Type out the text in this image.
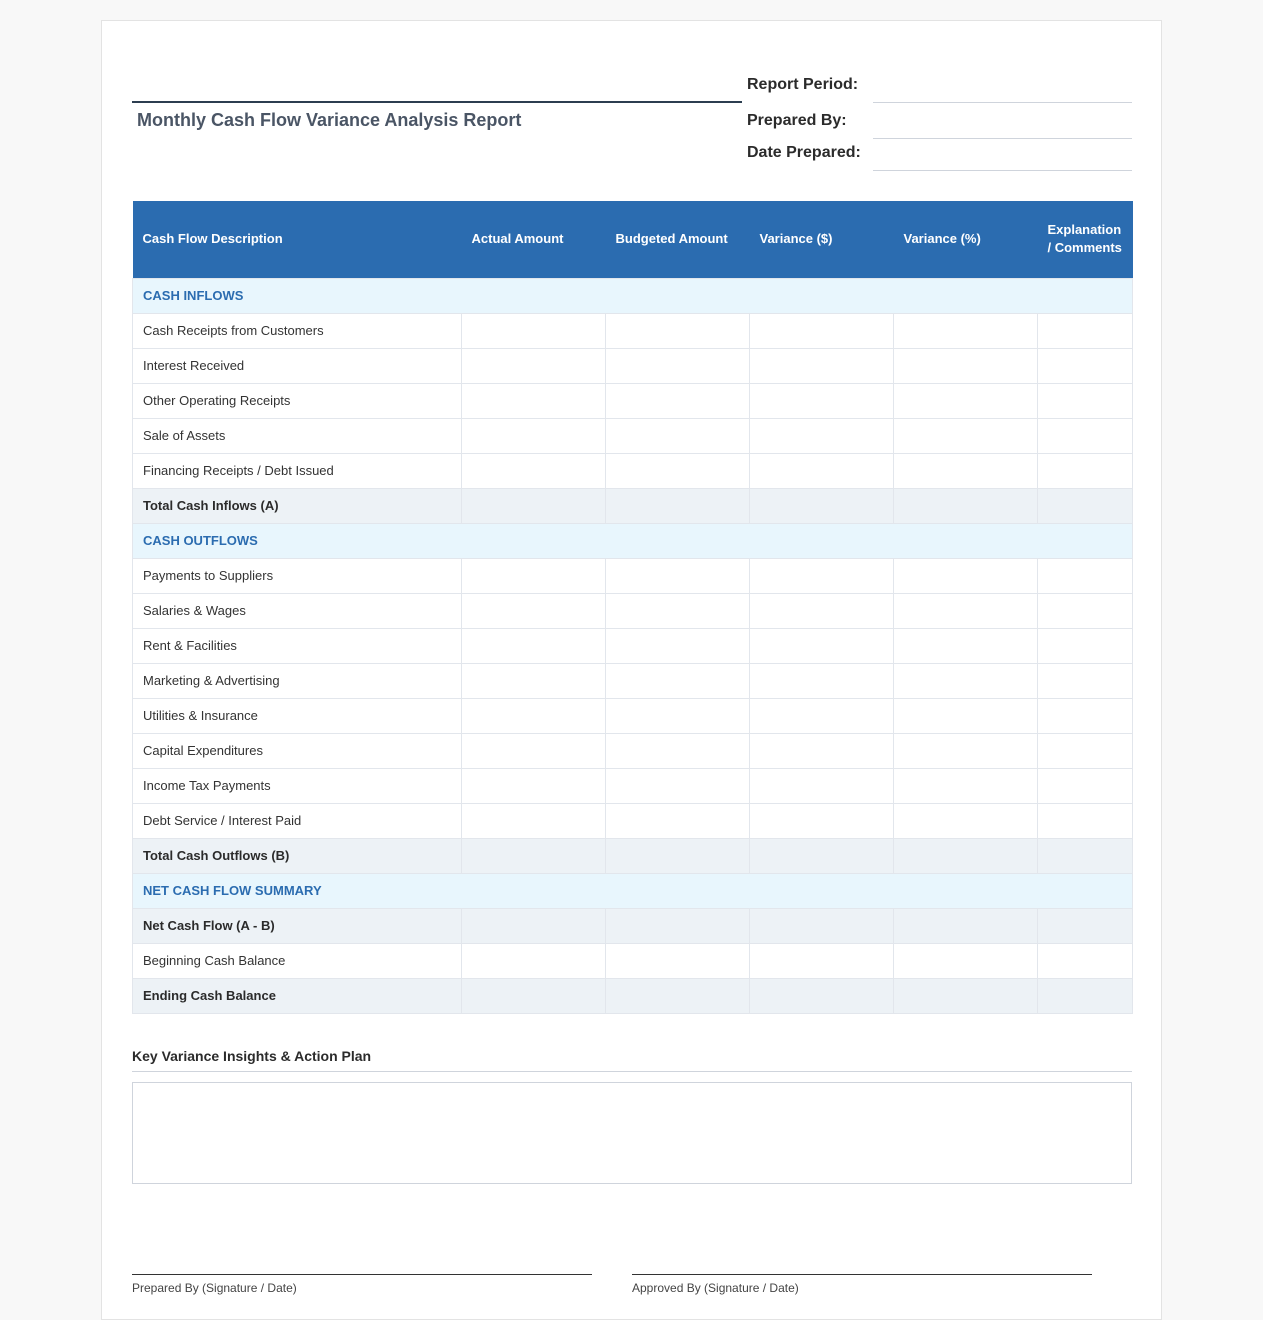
Monthly Cash Flow Variance Analysis Report
Report Period:
Prepared By:
Date Prepared:
Cash Flow Description	Actual Amount	Budgeted Amount	Variance ($)	Variance (%)	Explanation / Comments
CASH INFLOWS					
Cash Receipts from Customers					
Interest Received					
Other Operating Receipts					
Sale of Assets					
Financing Receipts / Debt Issued					
Total Cash Inflows (A)					
CASH OUTFLOWS					
Payments to Suppliers					
Salaries & Wages					
Rent & Facilities					
Marketing & Advertising					
Utilities & Insurance					
Capital Expenditures					
Income Tax Payments					
Debt Service / Interest Paid					
Total Cash Outflows (B)					
NET CASH FLOW SUMMARY					
Net Cash Flow (A - B)					
Beginning Cash Balance					
Ending Cash Balance					
Key Variance Insights & Action Plan
Prepared By (Signature / Date)	Approved By (Signature / Date)
